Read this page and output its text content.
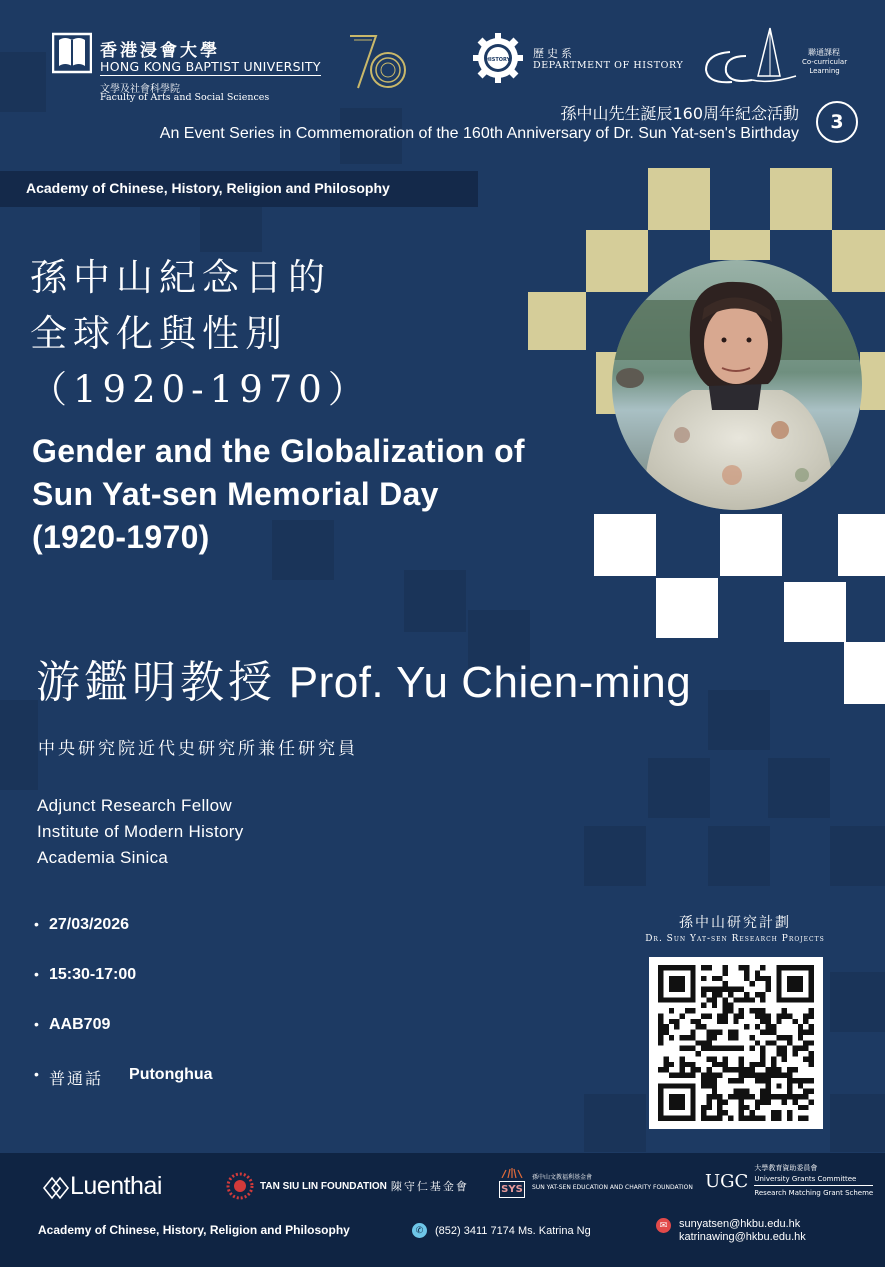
香港浸會大學
HONG KONG BAPTIST UNIVERSITY
文學及社會科學院
Faculty of Arts and Social Sciences
HISTORY 歷史系
DEPARTMENT OF HISTORY
聯通課程
Co-curricular
Learning
孫中山先生誕辰160周年紀念活動
An Event Series in Commemoration of the 160th Anniversary of Dr. Sun Yat-sen's Birthday
3
Academy of Chinese, History, Religion and Philosophy
孫中山紀念日的
全球化與性別
（1920-1970）
Gender and the Globalization of
Sun Yat-sen Memorial Day
(1920-1970)
游鑑明教授 Prof. Yu Chien-ming
中央研究院近代史研究所兼任研究員
Adjunct Research Fellow
Institute of Modern History
Academia Sinica
• 27/03/2026
• 15:30-17:00
• AAB709
• 普通話 Putonghua
孫中山研究計劃
Dr. Sun Yat-sen Research Projects
Luenthai	TAN SIU LIN FOUNDATION 陳守仁基金會	SYS
孫中山文教福利基金會
SUN YAT-SEN EDUCATION AND CHARITY FOUNDATION UGC
大學教育資助委員會
University Grants Committee
Research Matching Grant Scheme
Academy of Chinese, History, Religion and Philosophy	✆	(852) 3411 7174 Ms. Katrina Ng	✉	sunyatsen@hkbu.edu.hk
katrinawing@hkbu.edu.hk
